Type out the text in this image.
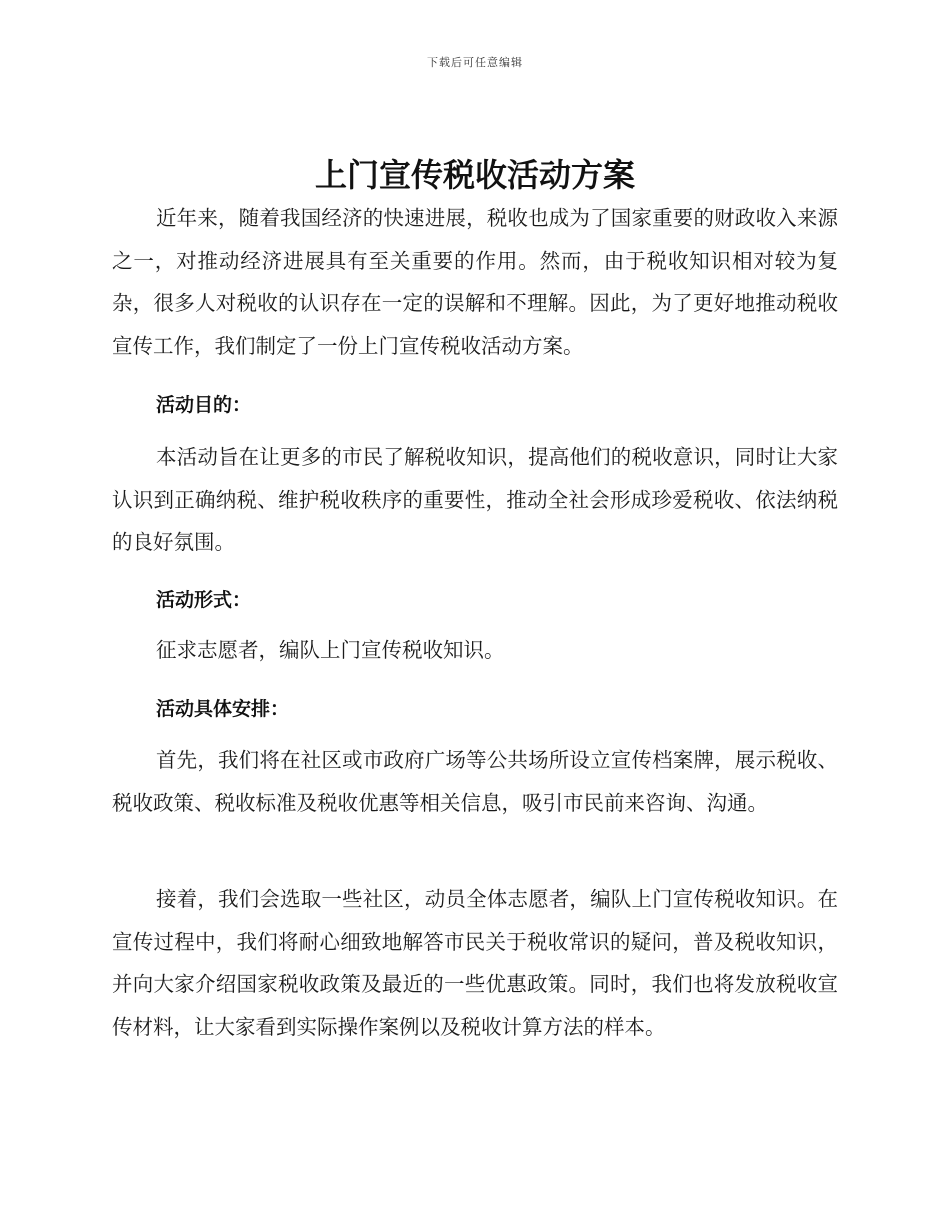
下载后可任意编辑
上门宣传税收活动方案

近年来，随着我国经济的快速进展，税收也成为了国家重要的财政收入来源之一，对推动经济进展具有至关重要的作用。然而，由于税收知识相对较为复杂，很多人对税收的认识存在一定的误解和不理解。因此，为了更好地推动税收宣传工作，我们制定了一份上门宣传税收活动方案。

活动目的：

本活动旨在让更多的市民了解税收知识，提高他们的税收意识，同时让大家认识到正确纳税、维护税收秩序的重要性，推动全社会形成珍爱税收、依法纳税的良好氛围。

活动形式：

征求志愿者，编队上门宣传税收知识。

活动具体安排：

首先，我们将在社区或市政府广场等公共场所设立宣传档案牌，展示税收、税收政策、税收标准及税收优惠等相关信息，吸引市民前来咨询、沟通。

接着，我们会选取一些社区，动员全体志愿者，编队上门宣传税收知识。在宣传过程中，我们将耐心细致地解答市民关于税收常识的疑问，普及税收知识，并向大家介绍国家税收政策及最近的一些优惠政策。同时，我们也将发放税收宣传材料，让大家看到实际操作案例以及税收计算方法的样本。
